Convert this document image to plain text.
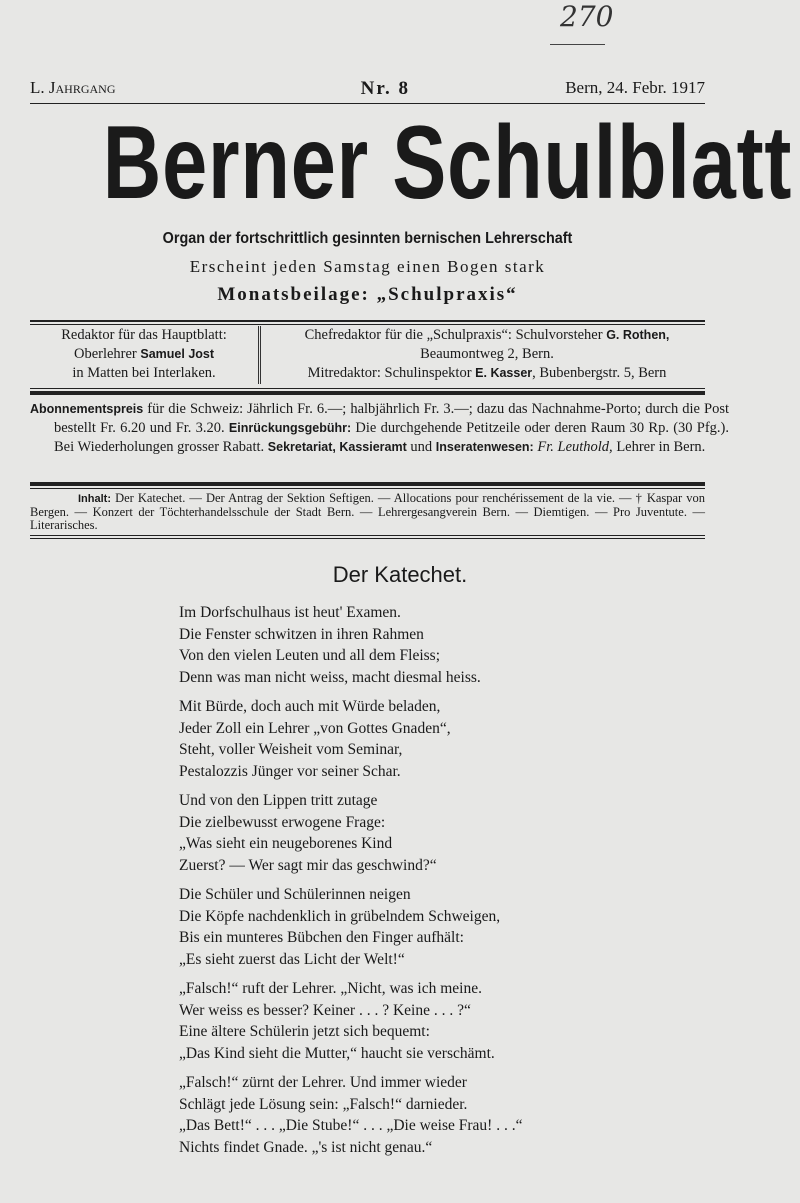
270
L. Jahrgang	Nr. 8	Bern, 24. Febr. 1917
Berner Schulblatt
Organ der fortschrittlich gesinnten bernischen Lehrerschaft
Erscheint jeden Samstag einen Bogen stark
Monatsbeilage: „Schulpraxis“
Redaktor für das Hauptblatt:
Oberlehrer Samuel Jost
in Matten bei Interlaken.
Chefredaktor für die „Schulpraxis“: Schulvorsteher G. Rothen,
Beaumontweg 2, Bern.
Mitredaktor: Schulinspektor E. Kasser, Bubenbergstr. 5, Bern
Abonnementspreis für die Schweiz: Jährlich Fr. 6.—; halbjährlich Fr. 3.—; dazu das Nachnahme-Porto; durch die Post bestellt Fr. 6.20 und Fr. 3.20. Einrückungsgebühr: Die durchgehende Petitzeile oder deren Raum 30 Rp. (30 Pfg.). Bei Wiederholungen grosser Rabatt. Sekretariat, Kassieramt und Inseratenwesen: Fr. Leuthold, Lehrer in Bern.
Inhalt: Der Katechet. — Der Antrag der Sektion Seftigen. — Allocations pour renchérissement de la vie. — † Kaspar von Bergen. — Konzert der Töchterhandelsschule der Stadt Bern. — Lehrergesangverein Bern. — Diemtigen. — Pro Juventute. — Literarisches.
Der Katechet.
Im Dorfschulhaus ist heut' Examen.
Die Fenster schwitzen in ihren Rahmen
Von den vielen Leuten und all dem Fleiss;
Denn was man nicht weiss, macht diesmal heiss.
Mit Bürde, doch auch mit Würde beladen,
Jeder Zoll ein Lehrer „von Gottes Gnaden“,
Steht, voller Weisheit vom Seminar,
Pestalozzis Jünger vor seiner Schar.
Und von den Lippen tritt zutage
Die zielbewusst erwogene Frage:
„Was sieht ein neugeborenes Kind
Zuerst? — Wer sagt mir das geschwind?“
Die Schüler und Schülerinnen neigen
Die Köpfe nachdenklich in grübelndem Schweigen,
Bis ein munteres Bübchen den Finger aufhält:
„Es sieht zuerst das Licht der Welt!“
„Falsch!“ ruft der Lehrer. „Nicht, was ich meine.
Wer weiss es besser? Keiner . . . ? Keine . . . ?“
Eine ältere Schülerin jetzt sich bequemt:
„Das Kind sieht die Mutter,“ haucht sie verschämt.
„Falsch!“ zürnt der Lehrer. Und immer wieder
Schlägt jede Lösung sein: „Falsch!“ darnieder.
„Das Bett!“ . . . „Die Stube!“ . . . „Die weise Frau! . . .“
Nichts findet Gnade. „'s ist nicht genau.“
